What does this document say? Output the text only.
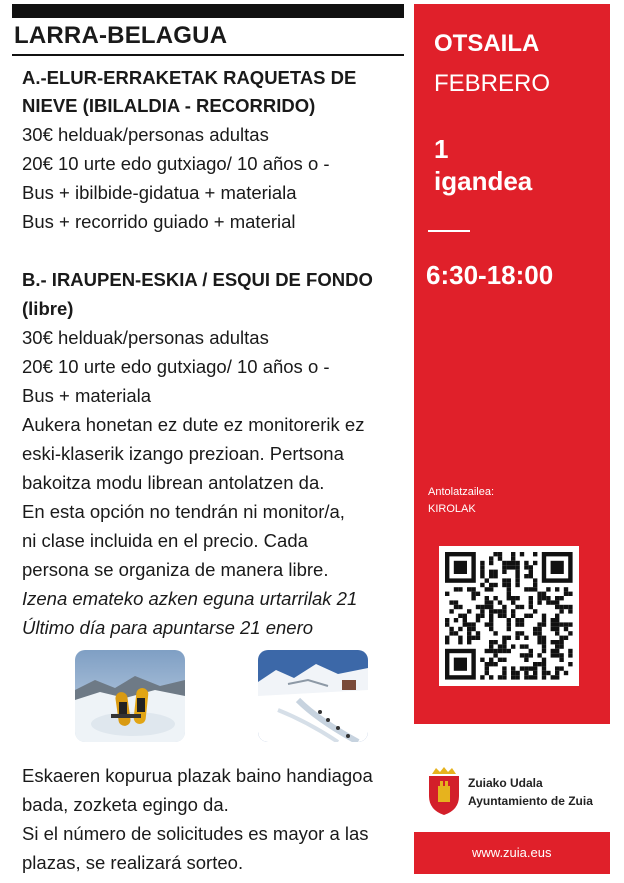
LARRA-BELAGUA
A.-ELUR-ERRAKETAK RAQUETAS DE
NIEVE (IBILALDIA - RECORRIDO)
30€ helduak/personas adultas
20€ 10 urte edo gutxiago/ 10 años o -
Bus + ibilbide-gidatua + materiala
Bus + recorrido guiado + material
B.- IRAUPEN-ESKIA / ESQUI DE FONDO
(libre)
30€ helduak/personas adultas
20€ 10 urte edo gutxiago/ 10 años o -
Bus + materiala
Aukera honetan ez dute ez monitorerik ez
eski-klaserik izango prezioan. Pertsona
bakoitza modu librean antolatzen da.
En esta opción no tendrán ni monitor/a,
ni clase incluida en el precio. Cada
persona se organiza de manera libre.
Izena emateko azken eguna urtarrilak 21
Último día para apuntarse 21 enero
Eskaeren kopurua plazak baino handiagoa
bada, zozketa egingo da.
Si el número de solicitudes es mayor a las
plazas, se realizará sorteo.
OTSAILA
FEBRERO
1
igandea
6:30-18:00
Antolatzailea:
KIROLAK
Zuiako Udala
Ayuntamiento de Zuia
www.zuia.eus
